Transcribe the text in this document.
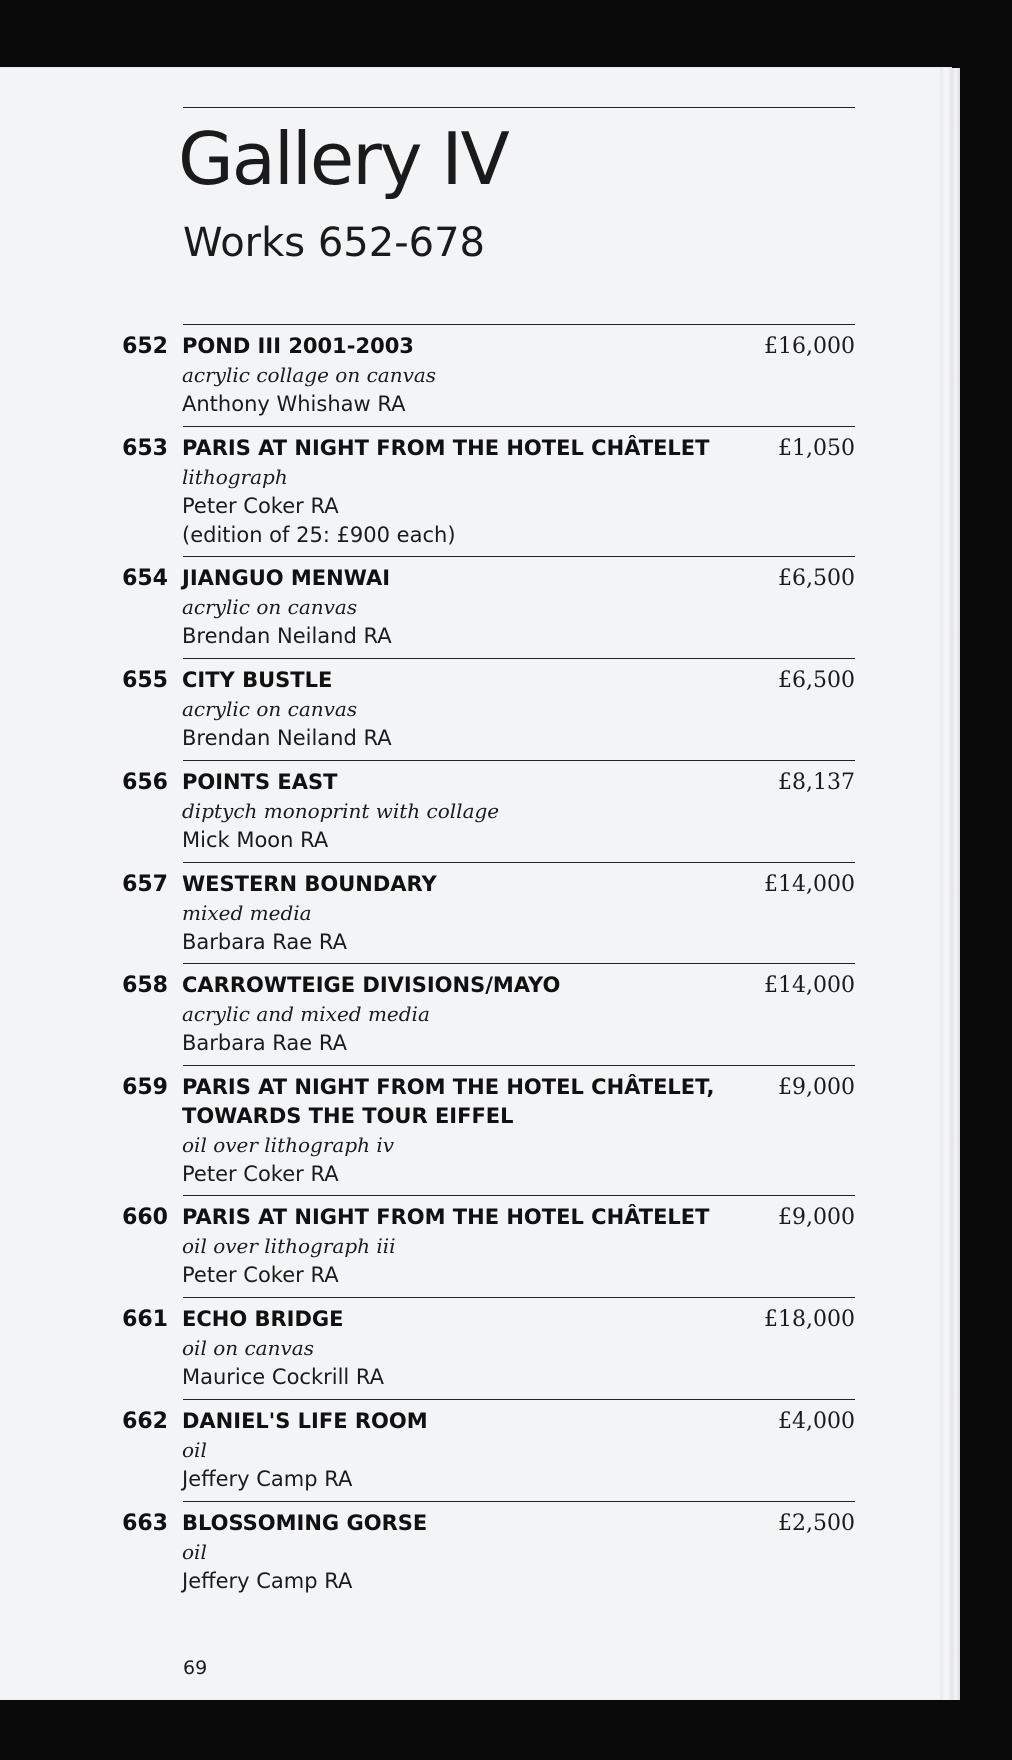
Gallery IV
Works 652-678
652 POND III 2001-2003
acrylic collage on canvas
Anthony Whishaw RA
£16,000
653 PARIS AT NIGHT FROM THE HOTEL CHÂTELET
lithograph
Peter Coker RA
(edition of 25: £900 each)
£1,050
654 JIANGUO MENWAI
acrylic on canvas
Brendan Neiland RA
£6,500
655 CITY BUSTLE
acrylic on canvas
Brendan Neiland RA
£6,500
656 POINTS EAST
diptych monoprint with collage
Mick Moon RA
£8,137
657 WESTERN BOUNDARY
mixed media
Barbara Rae RA
£14,000
658 CARROWTEIGE DIVISIONS/MAYO
acrylic and mixed media
Barbara Rae RA
£14,000
659 PARIS AT NIGHT FROM THE HOTEL CHÂTELET,
TOWARDS THE TOUR EIFFEL
oil over lithograph iv
Peter Coker RA
£9,000
660 PARIS AT NIGHT FROM THE HOTEL CHÂTELET
oil over lithograph iii
Peter Coker RA
£9,000
661 ECHO BRIDGE
oil on canvas
Maurice Cockrill RA
£18,000
662 DANIEL'S LIFE ROOM
oil
Jeffery Camp RA
£4,000
663 BLOSSOMING GORSE
oil
Jeffery Camp RA
£2,500
69
